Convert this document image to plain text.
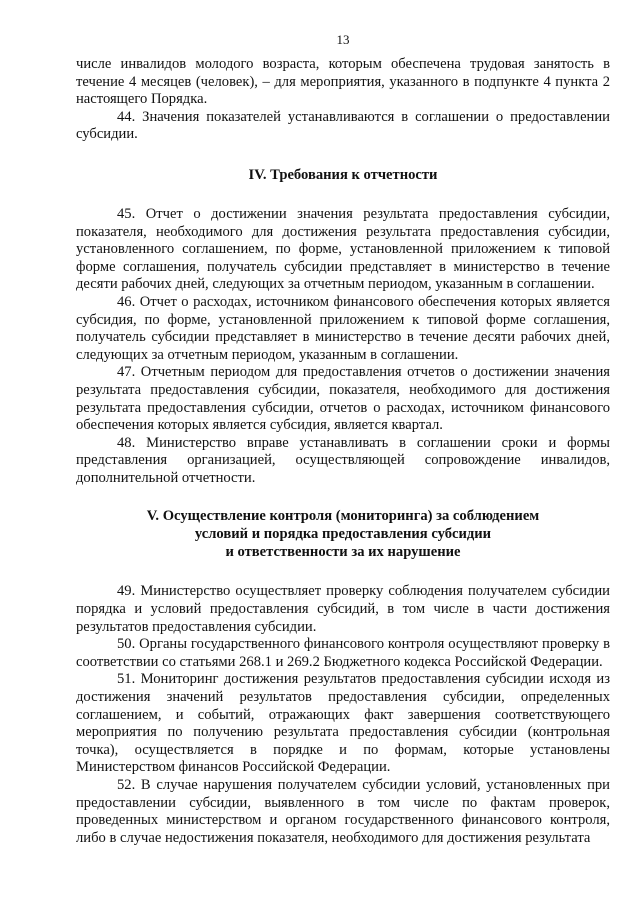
13

числе инвалидов молодого возраста, которым обеспечена трудовая занятость в течение 4 месяцев (человек), – для мероприятия, указанного в подпункте 4 пункта 2 настоящего Порядка.

44. Значения показателей устанавливаются в соглашении о предоставлении субсидии.

IV. Требования к отчетности

45. Отчет о достижении значения результата предоставления субсидии, показателя, необходимого для достижения результата предоставления субсидии, установленного соглашением, по форме, установленной приложением к типовой форме соглашения, получатель субсидии представляет в министерство в течение десяти рабочих дней, следующих за отчетным периодом, указанным в соглашении.

46. Отчет о расходах, источником финансового обеспечения которых является субсидия, по форме, установленной приложением к типовой форме соглашения, получатель субсидии представляет в министерство в течение десяти рабочих дней, следующих за отчетным периодом, указанным в соглашении.

47. Отчетным периодом для предоставления отчетов о достижении значения результата предоставления субсидии, показателя, необходимого для достижения результата предоставления субсидии, отчетов о расходах, источником финансового обеспечения которых является субсидия, является квартал.

48. Министерство вправе устанавливать в соглашении сроки и формы представления организацией, осуществляющей сопровождение инвалидов, дополнительной отчетности.

V. Осуществление контроля (мониторинга) за соблюдением
условий и порядка предоставления субсидии
и ответственности за их нарушение

49. Министерство осуществляет проверку соблюдения получателем субсидии порядка и условий предоставления субсидий, в том числе в части достижения результатов предоставления субсидии.

50. Органы государственного финансового контроля осуществляют проверку в соответствии со статьями 268.1 и 269.2 Бюджетного кодекса Российской Федерации.

51. Мониторинг достижения результатов предоставления субсидии исходя из достижения значений результатов предоставления субсидии, определенных соглашением, и событий, отражающих факт завершения соответствующего мероприятия по получению результата предоставления субсидии (контрольная точка), осуществляется в порядке и по формам, которые установлены Министерством финансов Российской Федерации.

52. В случае нарушения получателем субсидии условий, установленных при предоставлении субсидии, выявленного в том числе по фактам проверок, проведенных министерством и органом государственного финансового контроля, либо в случае недостижения показателя, необходимого для достижения результата
